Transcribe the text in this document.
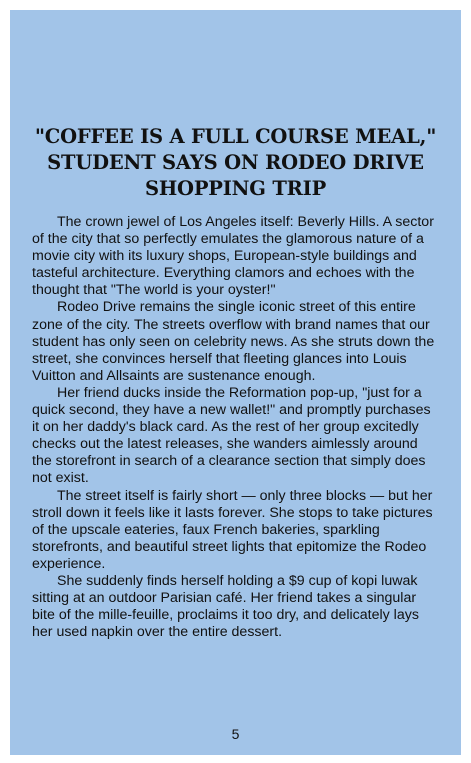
"COFFEE IS A FULL COURSE MEAL," STUDENT SAYS ON RODEO DRIVE SHOPPING TRIP

The crown jewel of Los Angeles itself: Beverly Hills. A sector of the city that so perfectly emulates the glamorous nature of a movie city with its luxury shops, European-style buildings and tasteful architecture. Everything clamors and echoes with the thought that "The world is your oyster!"

Rodeo Drive remains the single iconic street of this entire zone of the city. The streets overflow with brand names that our student has only seen on celebrity news. As she struts down the street, she convinces herself that fleeting glances into Louis Vuitton and Allsaints are sustenance enough.

Her friend ducks inside the Reformation pop-up, "just for a quick second, they have a new wallet!" and promptly purchases it on her daddy's black card. As the rest of her group excitedly checks out the latest releases, she wanders aimlessly around the storefront in search of a clearance section that simply does not exist.

The street itself is fairly short — only three blocks — but her stroll down it feels like it lasts forever. She stops to take pictures of the upscale eateries, faux French bakeries, sparkling storefronts, and beautiful street lights that epitomize the Rodeo experience.

She suddenly finds herself holding a $9 cup of kopi luwak sitting at an outdoor Parisian café. Her friend takes a singular bite of the mille-feuille, proclaims it too dry, and delicately lays her used napkin over the entire dessert.

5
